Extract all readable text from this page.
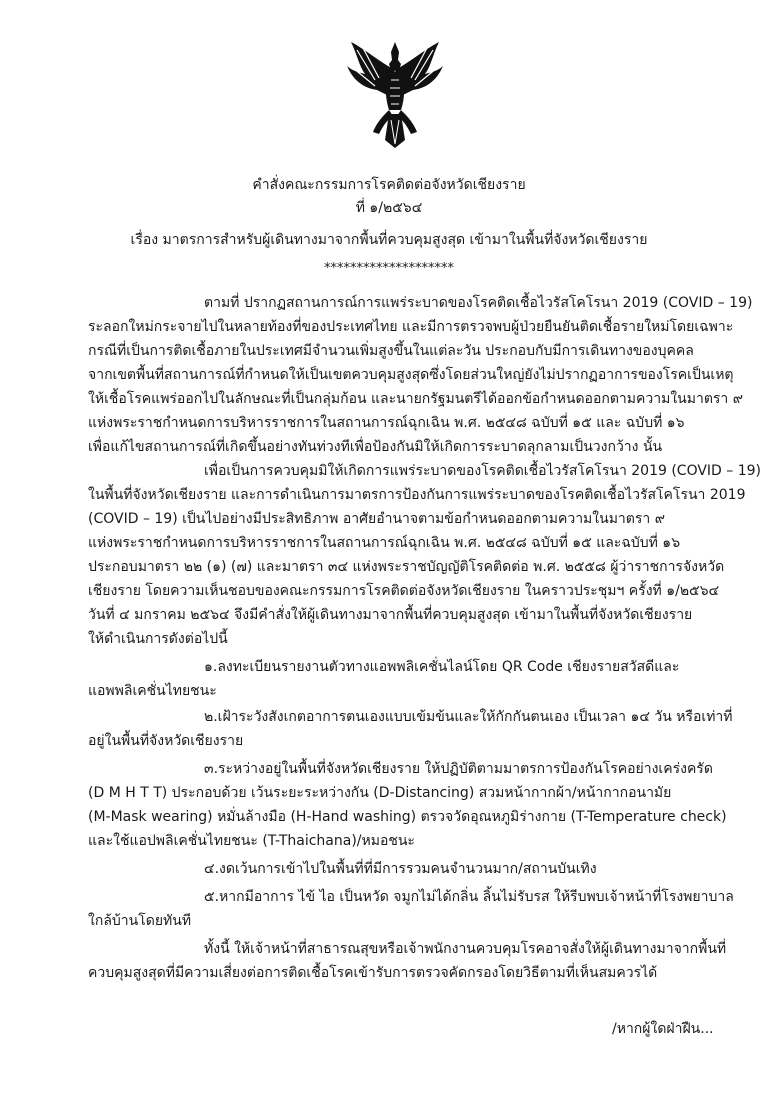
คำสั่งคณะกรรมการโรคติดต่อจังหวัดเชียงราย
ที่ ๑/๒๕๖๔
เรื่อง มาตรการสำหรับผู้เดินทางมาจากพื้นที่ควบคุมสูงสุด เข้ามาในพื้นที่จังหวัดเชียงราย
********************
ตามที่ ปรากฏสถานการณ์การแพร่ระบาดของโรคติดเชื้อไวรัสโคโรนา 2019 (COVID – 19)
ระลอกใหม่กระจายไปในหลายท้องที่ของประเทศไทย และมีการตรวจพบผู้ป่วยยืนยันติดเชื้อรายใหม่โดยเฉพาะ
กรณีที่เป็นการติดเชื้อภายในประเทศมีจำนวนเพิ่มสูงขึ้นในแต่ละวัน ประกอบกับมีการเดินทางของบุคคล
จากเขตพื้นที่สถานการณ์ที่กำหนดให้เป็นเขตควบคุมสูงสุดซึ่งโดยส่วนใหญ่ยังไม่ปรากฏอาการของโรคเป็นเหตุ
ให้เชื้อโรคแพร่ออกไปในลักษณะที่เป็นกลุ่มก้อน และนายกรัฐมนตรีได้ออกข้อกำหนดออกตามความในมาตรา ๙
แห่งพระราชกำหนดการบริหารราชการในสถานการณ์ฉุกเฉิน พ.ศ. ๒๕๔๘ ฉบับที่ ๑๕ และ ฉบับที่ ๑๖
เพื่อแก้ไขสถานการณ์ที่เกิดขึ้นอย่างทันท่วงทีเพื่อป้องกันมิให้เกิดการระบาดลุกลามเป็นวงกว้าง นั้น
เพื่อเป็นการควบคุมมิให้เกิดการแพร่ระบาดของโรคติดเชื้อไวรัสโคโรนา 2019 (COVID – 19)
ในพื้นที่จังหวัดเชียงราย และการดำเนินการมาตรการป้องกันการแพร่ระบาดของโรคติดเชื้อไวรัสโคโรนา 2019
(COVID – 19) เป็นไปอย่างมีประสิทธิภาพ อาศัยอำนาจตามข้อกำหนดออกตามความในมาตรา ๙
แห่งพระราชกำหนดการบริหารราชการในสถานการณ์ฉุกเฉิน พ.ศ. ๒๕๔๘ ฉบับที่ ๑๕ และฉบับที่ ๑๖
ประกอบมาตรา ๒๒ (๑) (๗) และมาตรา ๓๔ แห่งพระราชบัญญัติโรคติดต่อ พ.ศ. ๒๕๕๘ ผู้ว่าราชการจังหวัด
เชียงราย โดยความเห็นชอบของคณะกรรมการโรคติดต่อจังหวัดเชียงราย ในคราวประชุมฯ ครั้งที่ ๑/๒๕๖๔
วันที่ ๔ มกราคม ๒๕๖๔ จึงมีคำสั่งให้ผู้เดินทางมาจากพื้นที่ควบคุมสูงสุด เข้ามาในพื้นที่จังหวัดเชียงราย
ให้ดำเนินการดังต่อไปนี้
๑.ลงทะเบียนรายงานตัวทางแอพพลิเคชั่นไลน์โดย QR Code เชียงรายสวัสดีและ
แอพพลิเคชั่นไทยชนะ
๒.เฝ้าระวังสังเกตอาการตนเองแบบเข้มข้นและให้กักกันตนเอง เป็นเวลา ๑๔ วัน หรือเท่าที่
อยู่ในพื้นที่จังหวัดเชียงราย
๓.ระหว่างอยู่ในพื้นที่จังหวัดเชียงราย ให้ปฏิบัติตามมาตรการป้องกันโรคอย่างเคร่งครัด
(D M H T T) ประกอบด้วย เว้นระยะระหว่างกัน (D-Distancing) สวมหน้ากากผ้า/หน้ากากอนามัย
(M-Mask wearing) หมั่นล้างมือ (H-Hand washing) ตรวจวัดอุณหภูมิร่างกาย (T-Temperature check)
และใช้แอปพลิเคชั่นไทยชนะ (T-Thaichana)/หมอชนะ
๔.งดเว้นการเข้าไปในพื้นที่ที่มีการรวมคนจำนวนมาก/สถานบันเทิง
๕.หากมีอาการ ไข้ ไอ เป็นหวัด จมูกไม่ได้กลิ่น ลิ้นไม่รับรส ให้รีบพบเจ้าหน้าที่โรงพยาบาล
ใกล้บ้านโดยทันที
ทั้งนี้ ให้เจ้าหน้าที่สาธารณสุขหรือเจ้าพนักงานควบคุมโรคอาจสั่งให้ผู้เดินทางมาจากพื้นที่
ควบคุมสูงสุดที่มีความเสี่ยงต่อการติดเชื้อโรคเข้ารับการตรวจคัดกรองโดยวิธีตามที่เห็นสมควรได้
/หากผู้ใดฝ่าฝืน...
